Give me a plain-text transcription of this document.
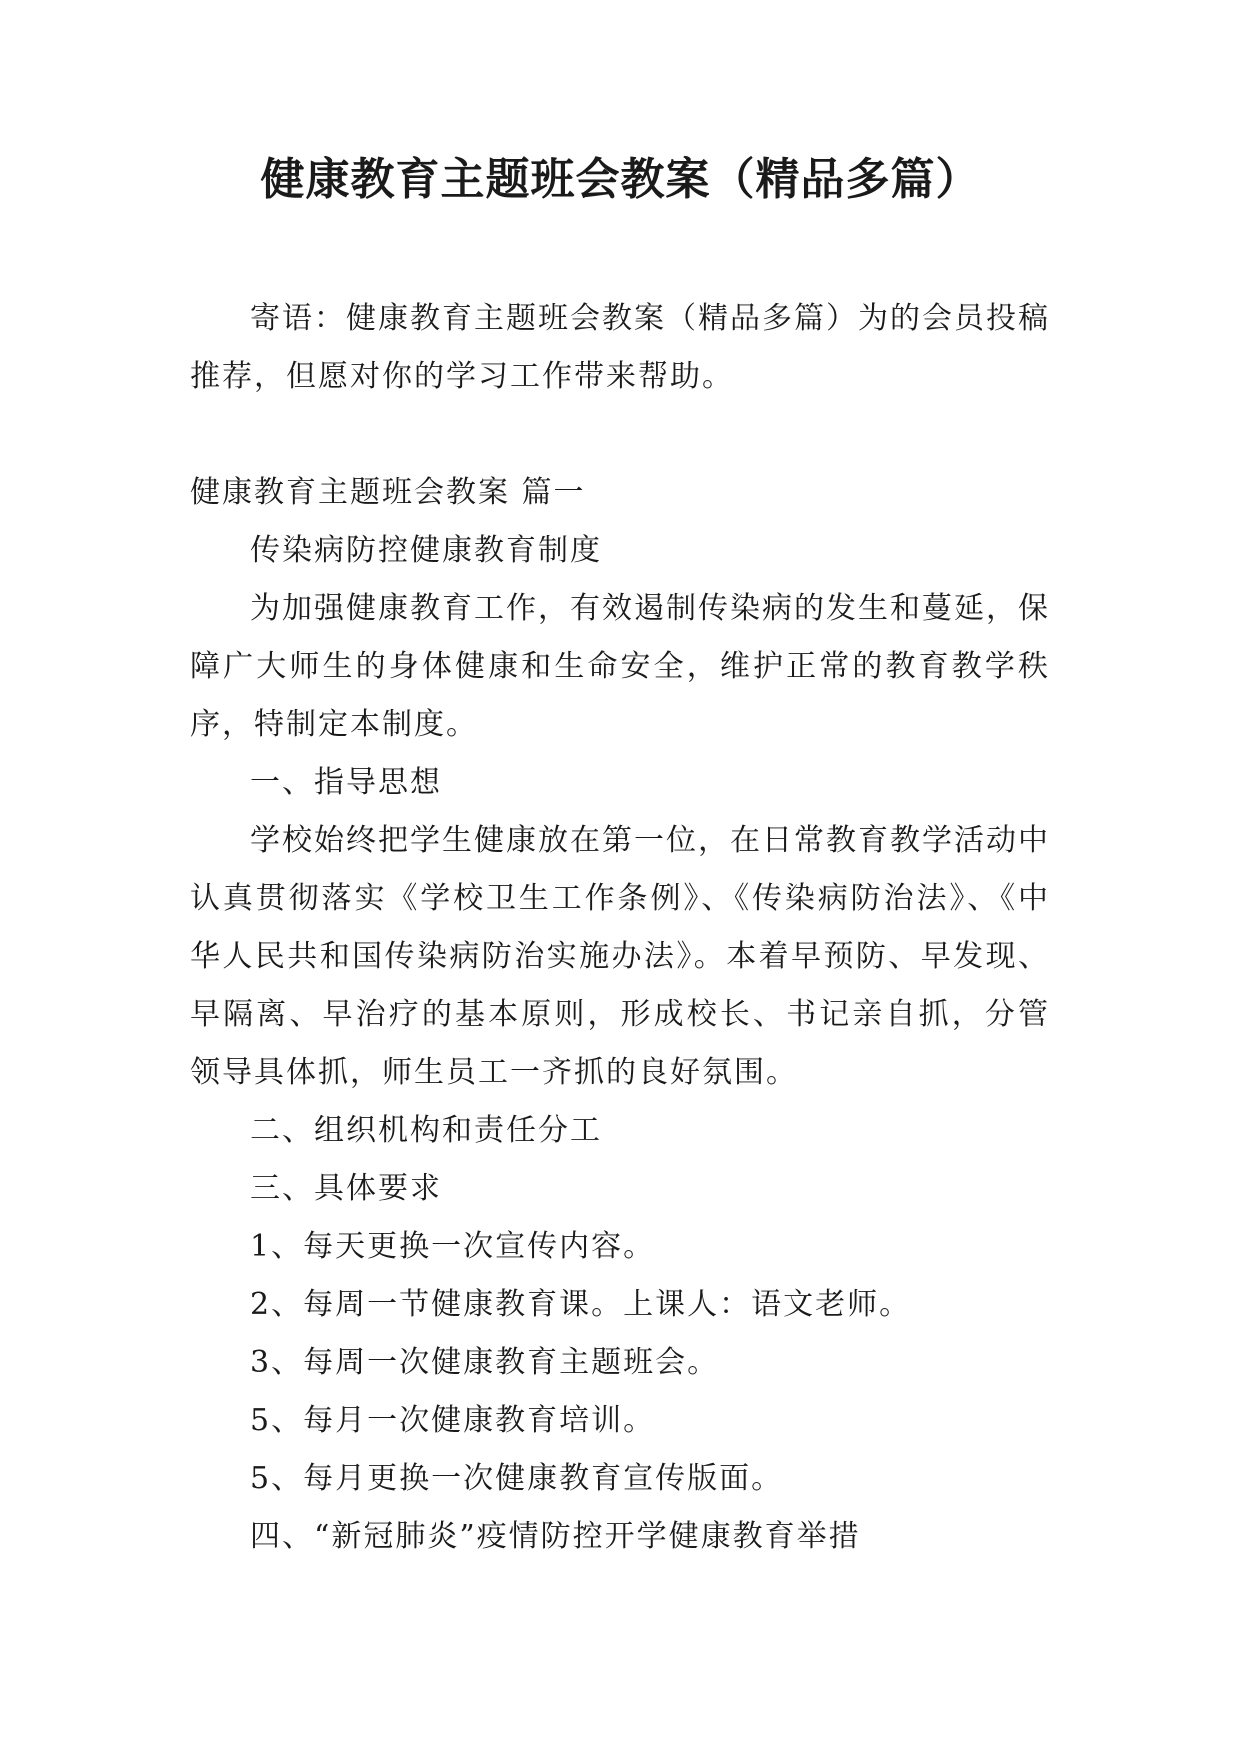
健康教育主题班会教案（精品多篇）

寄语：健康教育主题班会教案（精品多篇）为的会员投稿推荐，但愿对你的学习工作带来帮助。

健康教育主题班会教案 篇一

传染病防控健康教育制度

为加强健康教育工作，有效遏制传染病的发生和蔓延，保障广大师生的身体健康和生命安全，维护正常的教育教学秩序，特制定本制度。

一、指导思想

学校始终把学生健康放在第一位，在日常教育教学活动中认真贯彻落实《学校卫生工作条例》、《传染病防治法》、《中华人民共和国传染病防治实施办法》。本着早预防、早发现、早隔离、早治疗的基本原则，形成校长、书记亲自抓，分管领导具体抓，师生员工一齐抓的良好氛围。

二、组织机构和责任分工

三、具体要求

1、每天更换一次宣传内容。

2、每周一节健康教育课。上课人：语文老师。

3、每周一次健康教育主题班会。

5、每月一次健康教育培训。

5、每月更换一次健康教育宣传版面。

四、“新冠肺炎”疫情防控开学健康教育举措
